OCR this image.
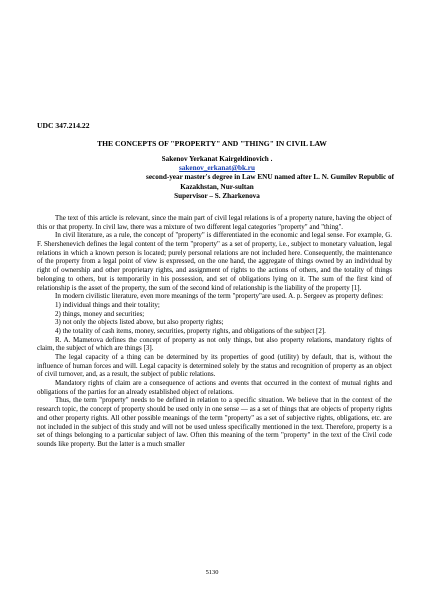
UDC 347.214.22
THE CONCEPTS OF "PROPERTY" AND "THING" IN CIVIL LAW
Sakenov Yerkanat Kairgeldinovich .
sakenov_erkanat@bk.ru
second-year master's degree in Law ENU named after L. N. Gumilev Republic of
Kazakhstan, Nur-sultan
Supervisor – S. Zharkenova

The text of this article is relevant, since the main part of civil legal relations is of a property nature, having the object of this or that property. In civil law, there was a mixture of two different legal categories "property" and "thing".

In civil literature, as a rule, the concept of "property" is differentiated in the economic and legal sense. For example, G. F. Shershenevich defines the legal content of the term "property" as a set of property, i.e., subject to monetary valuation, legal relations in which a known person is located; purely personal relations are not included here. Consequently, the maintenance of the property from a legal point of view is expressed, on the one hand, the aggregate of things owned by an individual by right of ownership and other proprietary rights, and assignment of rights to the actions of others, and the totality of things belonging to others, but is temporarily in his possession, and set of obligations lying on it. The sum of the first kind of relationship is the asset of the property, the sum of the second kind of relationship is the liability of the property [1].

In modern civilistic literature, even more meanings of the term "property"are used. A. p. Sergeev as property defines:

1) individual things and their totality;

2) things, money and securities;

3) not only the objects listed above, but also property rights;

4) the totality of cash items, money, securities, property rights, and obligations of the subject [2].

R. A. Mametova defines the concept of property as not only things, but also property relations, mandatory rights of claim, the subject of which are things [3].

The legal capacity of a thing can be determined by its properties of good (utility) by default, that is, without the influence of human forces and will. Legal capacity is determined solely by the status and recognition of property as an object of civil turnover, and, as a result, the subject of public relations.

Mandatory rights of claim are a consequence of actions and events that occurred in the context of mutual rights and obligations of the parties for an already established object of relations.

Thus, the term "property" needs to be defined in relation to a specific situation. We believe that in the context of the research topic, the concept of property should be used only in one sense — as a set of things that are objects of property rights and other property rights. All other possible meanings of the term "property" as a set of subjective rights, obligations, etc. are not included in the subject of this study and will not be used unless specifically mentioned in the text. Therefore, property is a set of things belonging to a particular subject of law. Often this meaning of the term "property" in the text of the Civil code sounds like property. But the latter is a much smaller

5130
